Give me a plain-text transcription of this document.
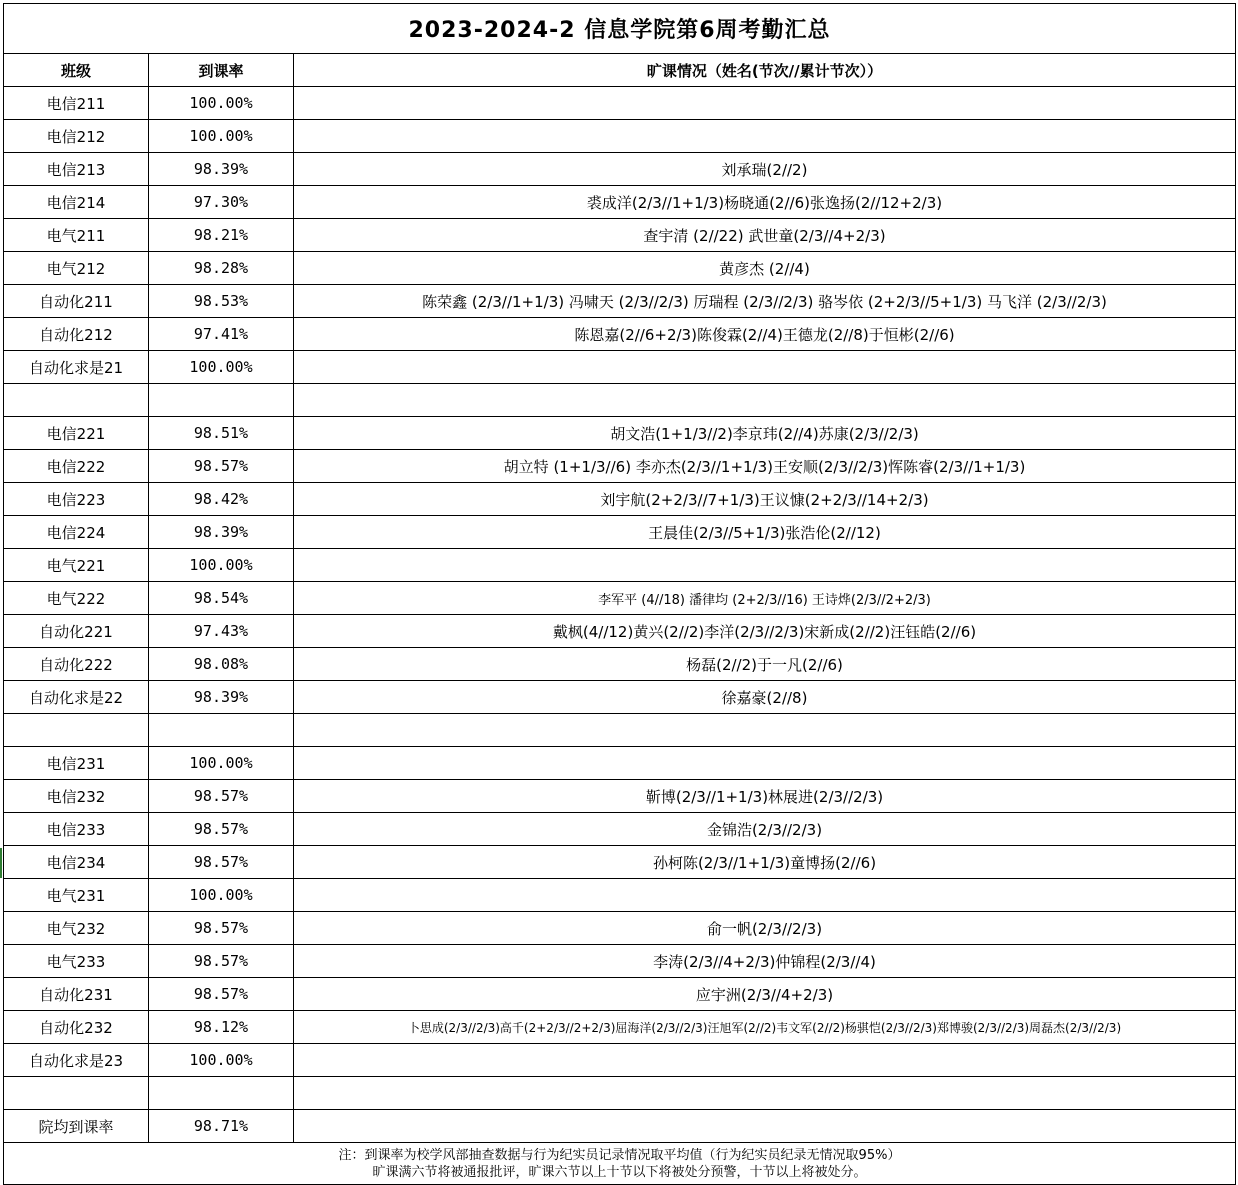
2023-2024-2 信息学院第6周考勤汇总		
班级	到课率	旷课情况（姓名(节次//累计节次））
电信211	100.00%	
电信212	100.00%	
电信213	98.39%	刘承瑞(2//2)
电信214	97.30%	裘成洋(2/3//1+1/3)杨晓通(2//6)张逸扬(2//12+2/3)
电气211	98.21%	查宇清 (2//22) 武世童(2/3//4+2/3)
电气212	98.28%	黄彦杰 (2//4)
自动化211	98.53%	陈荣鑫 (2/3//1+1/3) 冯啸天 (2/3//2/3) 厉瑞程 (2/3//2/3) 骆岑依 (2+2/3//5+1/3) 马飞洋 (2/3//2/3)
自动化212	97.41%	陈恩嘉(2//6+2/3)陈俊霖(2//4)王德龙(2//8)于恒彬(2//6)
自动化求是21	100.00%	

电信221	98.51%	胡文浩(1+1/3//2)李京玮(2//4)苏康(2/3//2/3)
电信222	98.57%	胡立特 (1+1/3//6) 李亦杰(2/3//1+1/3)王安顺(2/3//2/3)恽陈睿(2/3//1+1/3)
电信223	98.42%	刘宇航(2+2/3//7+1/3)王议慷(2+2/3//14+2/3)
电信224	98.39%	王晨佳(2/3//5+1/3)张浩伦(2//12)
电气221	100.00%	
电气222	98.54%	李军平 (4//18) 潘律均 (2+2/3//16) 王诗烨(2/3//2+2/3)
自动化221	97.43%	戴枫(4//12)黄兴(2//2)李洋(2/3//2/3)宋新成(2//2)汪钰皓(2//6)
自动化222	98.08%	杨磊(2//2)于一凡(2//6)
自动化求是22	98.39%	徐嘉豪(2//8)

电信231	100.00%	
电信232	98.57%	靳博(2/3//1+1/3)林展进(2/3//2/3)
电信233	98.57%	金锦浩(2/3//2/3)
电信234	98.57%	孙柯陈(2/3//1+1/3)童博扬(2//6)
电气231	100.00%	
电气232	98.57%	俞一帆(2/3//2/3)
电气233	98.57%	李涛(2/3//4+2/3)仲锦程(2/3//4)
自动化231	98.57%	应宇洲(2/3//4+2/3)
自动化232	98.12%	卜思成(2/3//2/3)高千(2+2/3//2+2/3)屈海洋(2/3//2/3)汪旭军(2//2)韦文军(2//2)杨骐恺(2/3//2/3)郑博骏(2/3//2/3)周磊杰(2/3//2/3)
自动化求是23	100.00%	

院均到课率	98.71%	

注：到课率为校学风部抽查数据与行为纪实员记录情况取平均值（行为纪实员纪录无情况取95%）
旷课满六节将被通报批评，旷课六节以上十节以下将被处分预警，十节以上将被处分。		
